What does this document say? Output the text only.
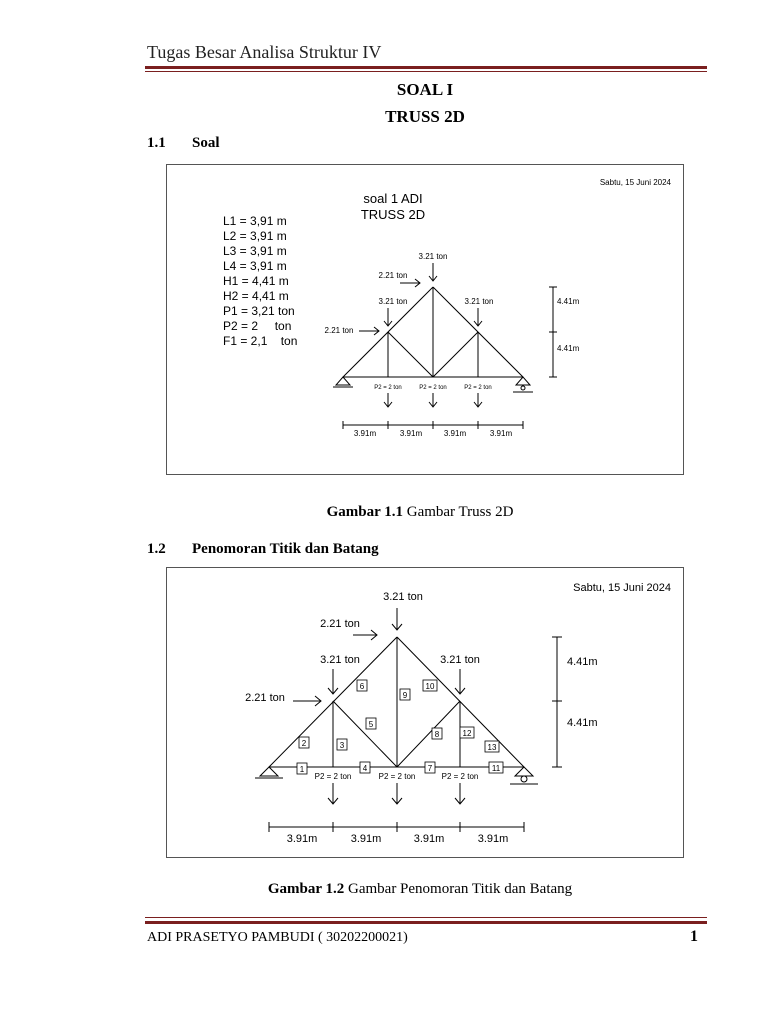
Tugas Besar Analisa Struktur IV
SOAL I
TRUSS 2D
1.1 Soal
Sabtu, 15 Juni 2024
soal 1 ADI
TRUSS 2D
L1 = 3,91 m
L2 = 3,91 m
L3 = 3,91 m
L4 = 3,91 m
H1 = 4,41 m
H2 = 4,41 m
P1 = 3,21 ton
P2 = 2     ton
F1 = 2,1    ton
3.21 ton
2.21 ton
3.21 ton	3.21 ton
2.21 ton
P2 = 2 ton	P2 = 2 ton	P2 = 2 ton
4.41m
4.41m
3.91m	3.91m	3.91m	3.91m
Gambar 1.1 Gambar Truss 2D
1.2 Penomoran Titik dan Batang
Sabtu, 15 Juni 2024
3.21 ton
2.21 ton
3.21 ton	3.21 ton
2.21 ton
P2 = 2 ton	P2 = 2 ton	P2 = 2 ton
1
2	3
4
5
6
7
8
9
10
11
12
13
4.41m
4.41m
3.91m	3.91m	3.91m	3.91m
Gambar 1.2 Gambar Penomoran Titik dan Batang
ADI PRASETYO PAMBUDI ( 30202200021)	1
